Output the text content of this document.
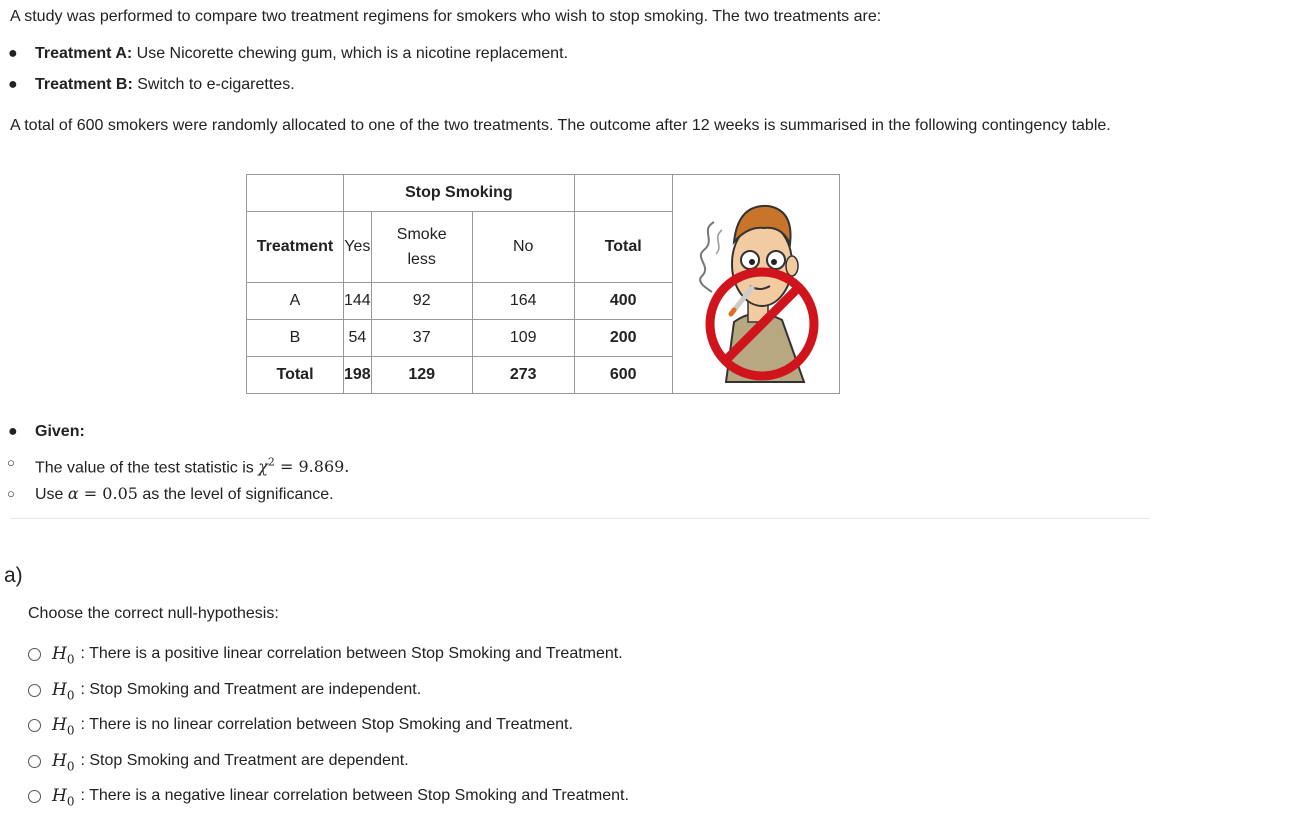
A study was performed to compare two treatment regimens for smokers who wish to stop smoking. The two treatments are:
● Treatment A: Use Nicorette chewing gum, which is a nicotine replacement.
● Treatment B: Switch to e-cigarettes.
A total of 600 smokers were randomly allocated to one of the two treatments. The outcome after 12 weeks is summarised in the following contingency table.
	Stop Smoking		

Treatment	Yes	Smoke less	No	Total	
A	144	92	164	400	
B	54	37	109	200	
Total	198	129	273	600	
● Given:
○ The value of the test statistic is $\chi^2 = 9.869$.
○ Use α = 0.05 as the level of significance.
a)
Choose the correct null-hypothesis:
$H_0$ : There is a positive linear correlation between Stop Smoking and Treatment.
$H_0$ : Stop Smoking and Treatment are independent.
$H_0$ : There is no linear correlation between Stop Smoking and Treatment.
$H_0$ : Stop Smoking and Treatment are dependent.
$H_0$ : There is a negative linear correlation between Stop Smoking and Treatment.
